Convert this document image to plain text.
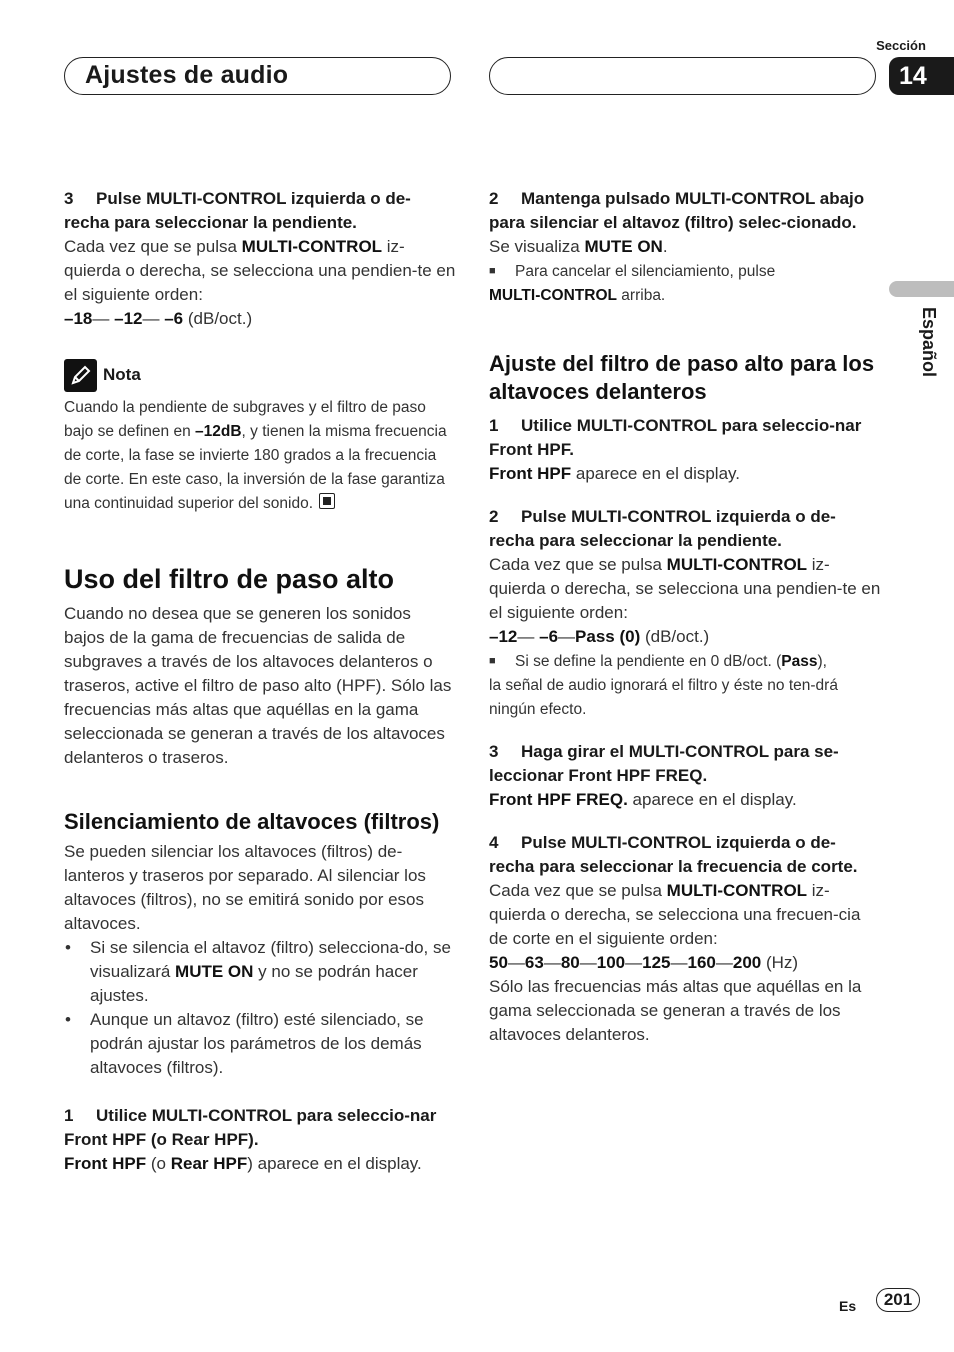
Ajustes de audio
Sección
14
Español

3 Pulse MULTI-CONTROL izquierda o de-recha para seleccionar la pendiente.

Cada vez que se pulsa MULTI-CONTROL iz-quierda o derecha, se selecciona una pendien-te en el siguiente orden:

–18— –12— –6 (dB/oct.)

Nota

Cuando la pendiente de subgraves y el filtro de paso bajo se definen en –12dB, y tienen la misma frecuencia de corte, la fase se invierte 180 grados a la frecuencia de corte. En este caso, la inversión de la fase garantiza una continuidad superior del sonido.

Uso del filtro de paso alto

Cuando no desea que se generen los sonidos bajos de la gama de frecuencias de salida de subgraves a través de los altavoces delanteros o traseros, active el filtro de paso alto (HPF). Sólo las frecuencias más altas que aquéllas en la gama seleccionada se generan a través de los altavoces delanteros o traseros.

Silenciamiento de altavoces (filtros)

Se pueden silenciar los altavoces (filtros) de-lanteros y traseros por separado. Al silenciar los altavoces (filtros), no se emitirá sonido por esos altavoces.

• Si se silencia el altavoz (filtro) selecciona-do, se visualizará MUTE ON y no se podrán hacer ajustes.
• Aunque un altavoz (filtro) esté silenciado, se podrán ajustar los parámetros de los demás altavoces (filtros).

1 Utilice MULTI-CONTROL para seleccio-nar Front HPF (o Rear HPF).

Front HPF (o Rear HPF) aparece en el display.

2 Mantenga pulsado MULTI-CONTROL abajo para silenciar el altavoz (filtro) selec-cionado.

Se visualiza MUTE ON.

■ Para cancelar el silenciamiento, pulse

MULTI-CONTROL arriba.

Ajuste del filtro de paso alto para los altavoces delanteros

1 Utilice MULTI-CONTROL para seleccio-nar Front HPF.

Front HPF aparece en el display.

2 Pulse MULTI-CONTROL izquierda o de-recha para seleccionar la pendiente.

Cada vez que se pulsa MULTI-CONTROL iz-quierda o derecha, se selecciona una pendien-te en el siguiente orden:

–12— –6—Pass (0) (dB/oct.)

■ Si se define la pendiente en 0 dB/oct. (Pass),

la señal de audio ignorará el filtro y éste no ten-drá ningún efecto.

3 Haga girar el MULTI-CONTROL para se-leccionar Front HPF FREQ.

Front HPF FREQ. aparece en el display.

4 Pulse MULTI-CONTROL izquierda o de-recha para seleccionar la frecuencia de corte.

Cada vez que se pulsa MULTI-CONTROL iz-quierda o derecha, se selecciona una frecuen-cia de corte en el siguiente orden:

50—63—80—100—125—160—200 (Hz)

Sólo las frecuencias más altas que aquéllas en la gama seleccionada se generan a través de los altavoces delanteros.

Es	201
